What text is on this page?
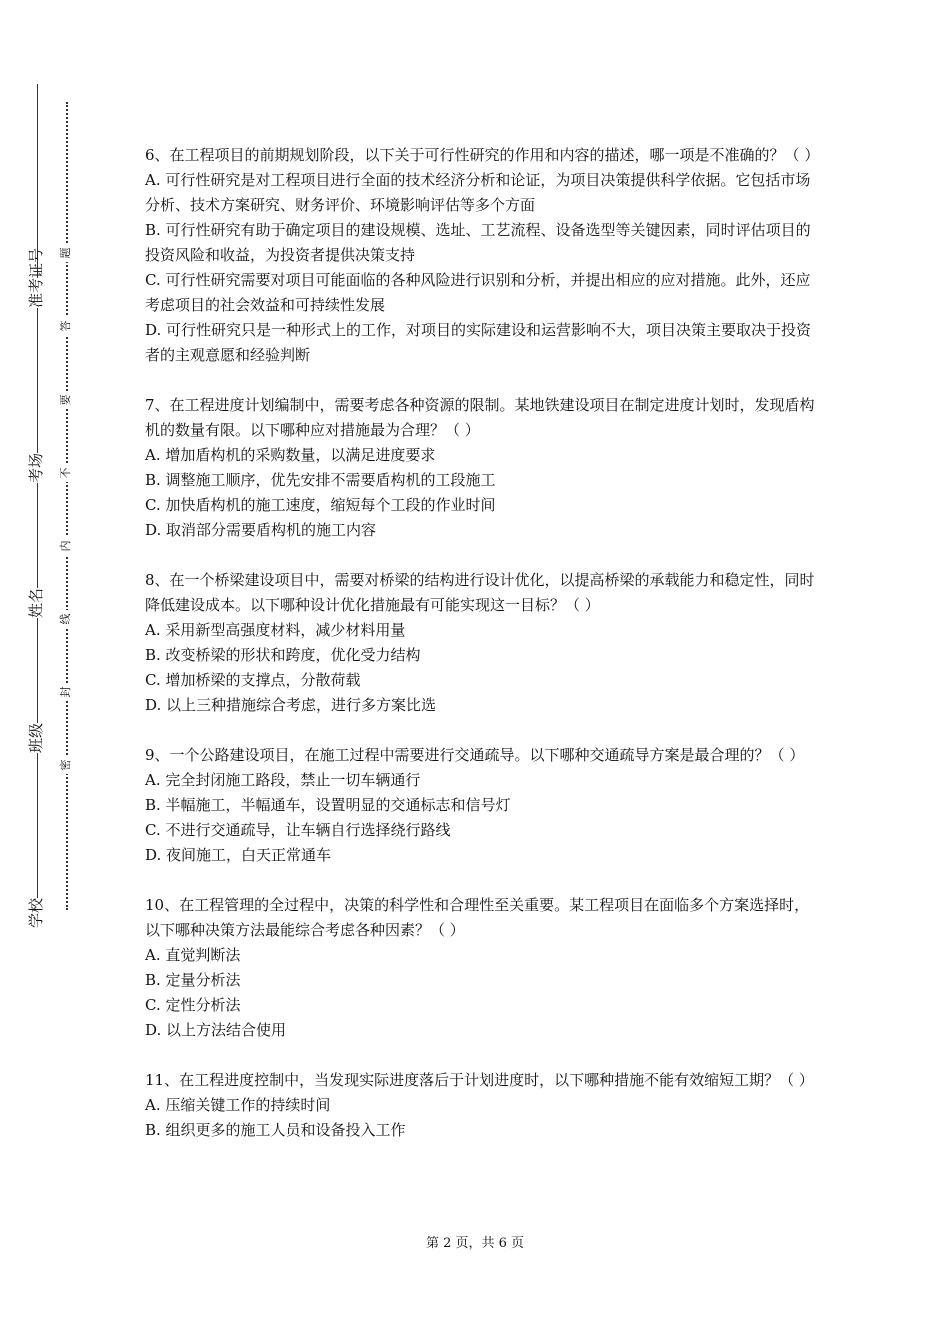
准考证号
考场
姓名
班级
学校
题
答
要
不
内
线
封
密

6、在工程项目的前期规划阶段，以下关于可行性研究的作用和内容的描述，哪一项是不准确的？（ ）

A. 可行性研究是对工程项目进行全面的技术经济分析和论证，为项目决策提供科学依据。它包括市场分析、技术方案研究、财务评价、环境影响评估等多个方面

B. 可行性研究有助于确定项目的建设规模、选址、工艺流程、设备选型等关键因素，同时评估项目的投资风险和收益，为投资者提供决策支持

C. 可行性研究需要对项目可能面临的各种风险进行识别和分析，并提出相应的应对措施。此外，还应考虑项目的社会效益和可持续性发展

D. 可行性研究只是一种形式上的工作，对项目的实际建设和运营影响不大，项目决策主要取决于投资者的主观意愿和经验判断

7、在工程进度计划编制中，需要考虑各种资源的限制。某地铁建设项目在制定进度计划时，发现盾构机的数量有限。以下哪种应对措施最为合理？（ ）

A. 增加盾构机的采购数量，以满足进度要求

B. 调整施工顺序，优先安排不需要盾构机的工段施工

C. 加快盾构机的施工速度，缩短每个工段的作业时间

D. 取消部分需要盾构机的施工内容

8、在一个桥梁建设项目中，需要对桥梁的结构进行设计优化，以提高桥梁的承载能力和稳定性，同时降低建设成本。以下哪种设计优化措施最有可能实现这一目标？（ ）

A. 采用新型高强度材料，减少材料用量

B. 改变桥梁的形状和跨度，优化受力结构

C. 增加桥梁的支撑点，分散荷载

D. 以上三种措施综合考虑，进行多方案比选

9、一个公路建设项目，在施工过程中需要进行交通疏导。以下哪种交通疏导方案是最合理的？（ ）

A. 完全封闭施工路段，禁止一切车辆通行

B. 半幅施工，半幅通车，设置明显的交通标志和信号灯

C. 不进行交通疏导，让车辆自行选择绕行路线

D. 夜间施工，白天正常通车

10、在工程管理的全过程中，决策的科学性和合理性至关重要。某工程项目在面临多个方案选择时，以下哪种决策方法最能综合考虑各种因素？（ ）

A. 直觉判断法

B. 定量分析法

C. 定性分析法

D. 以上方法结合使用

11、在工程进度控制中，当发现实际进度落后于计划进度时，以下哪种措施不能有效缩短工期？（ ）

A. 压缩关键工作的持续时间

B. 组织更多的施工人员和设备投入工作

第 2 页，共 6 页
